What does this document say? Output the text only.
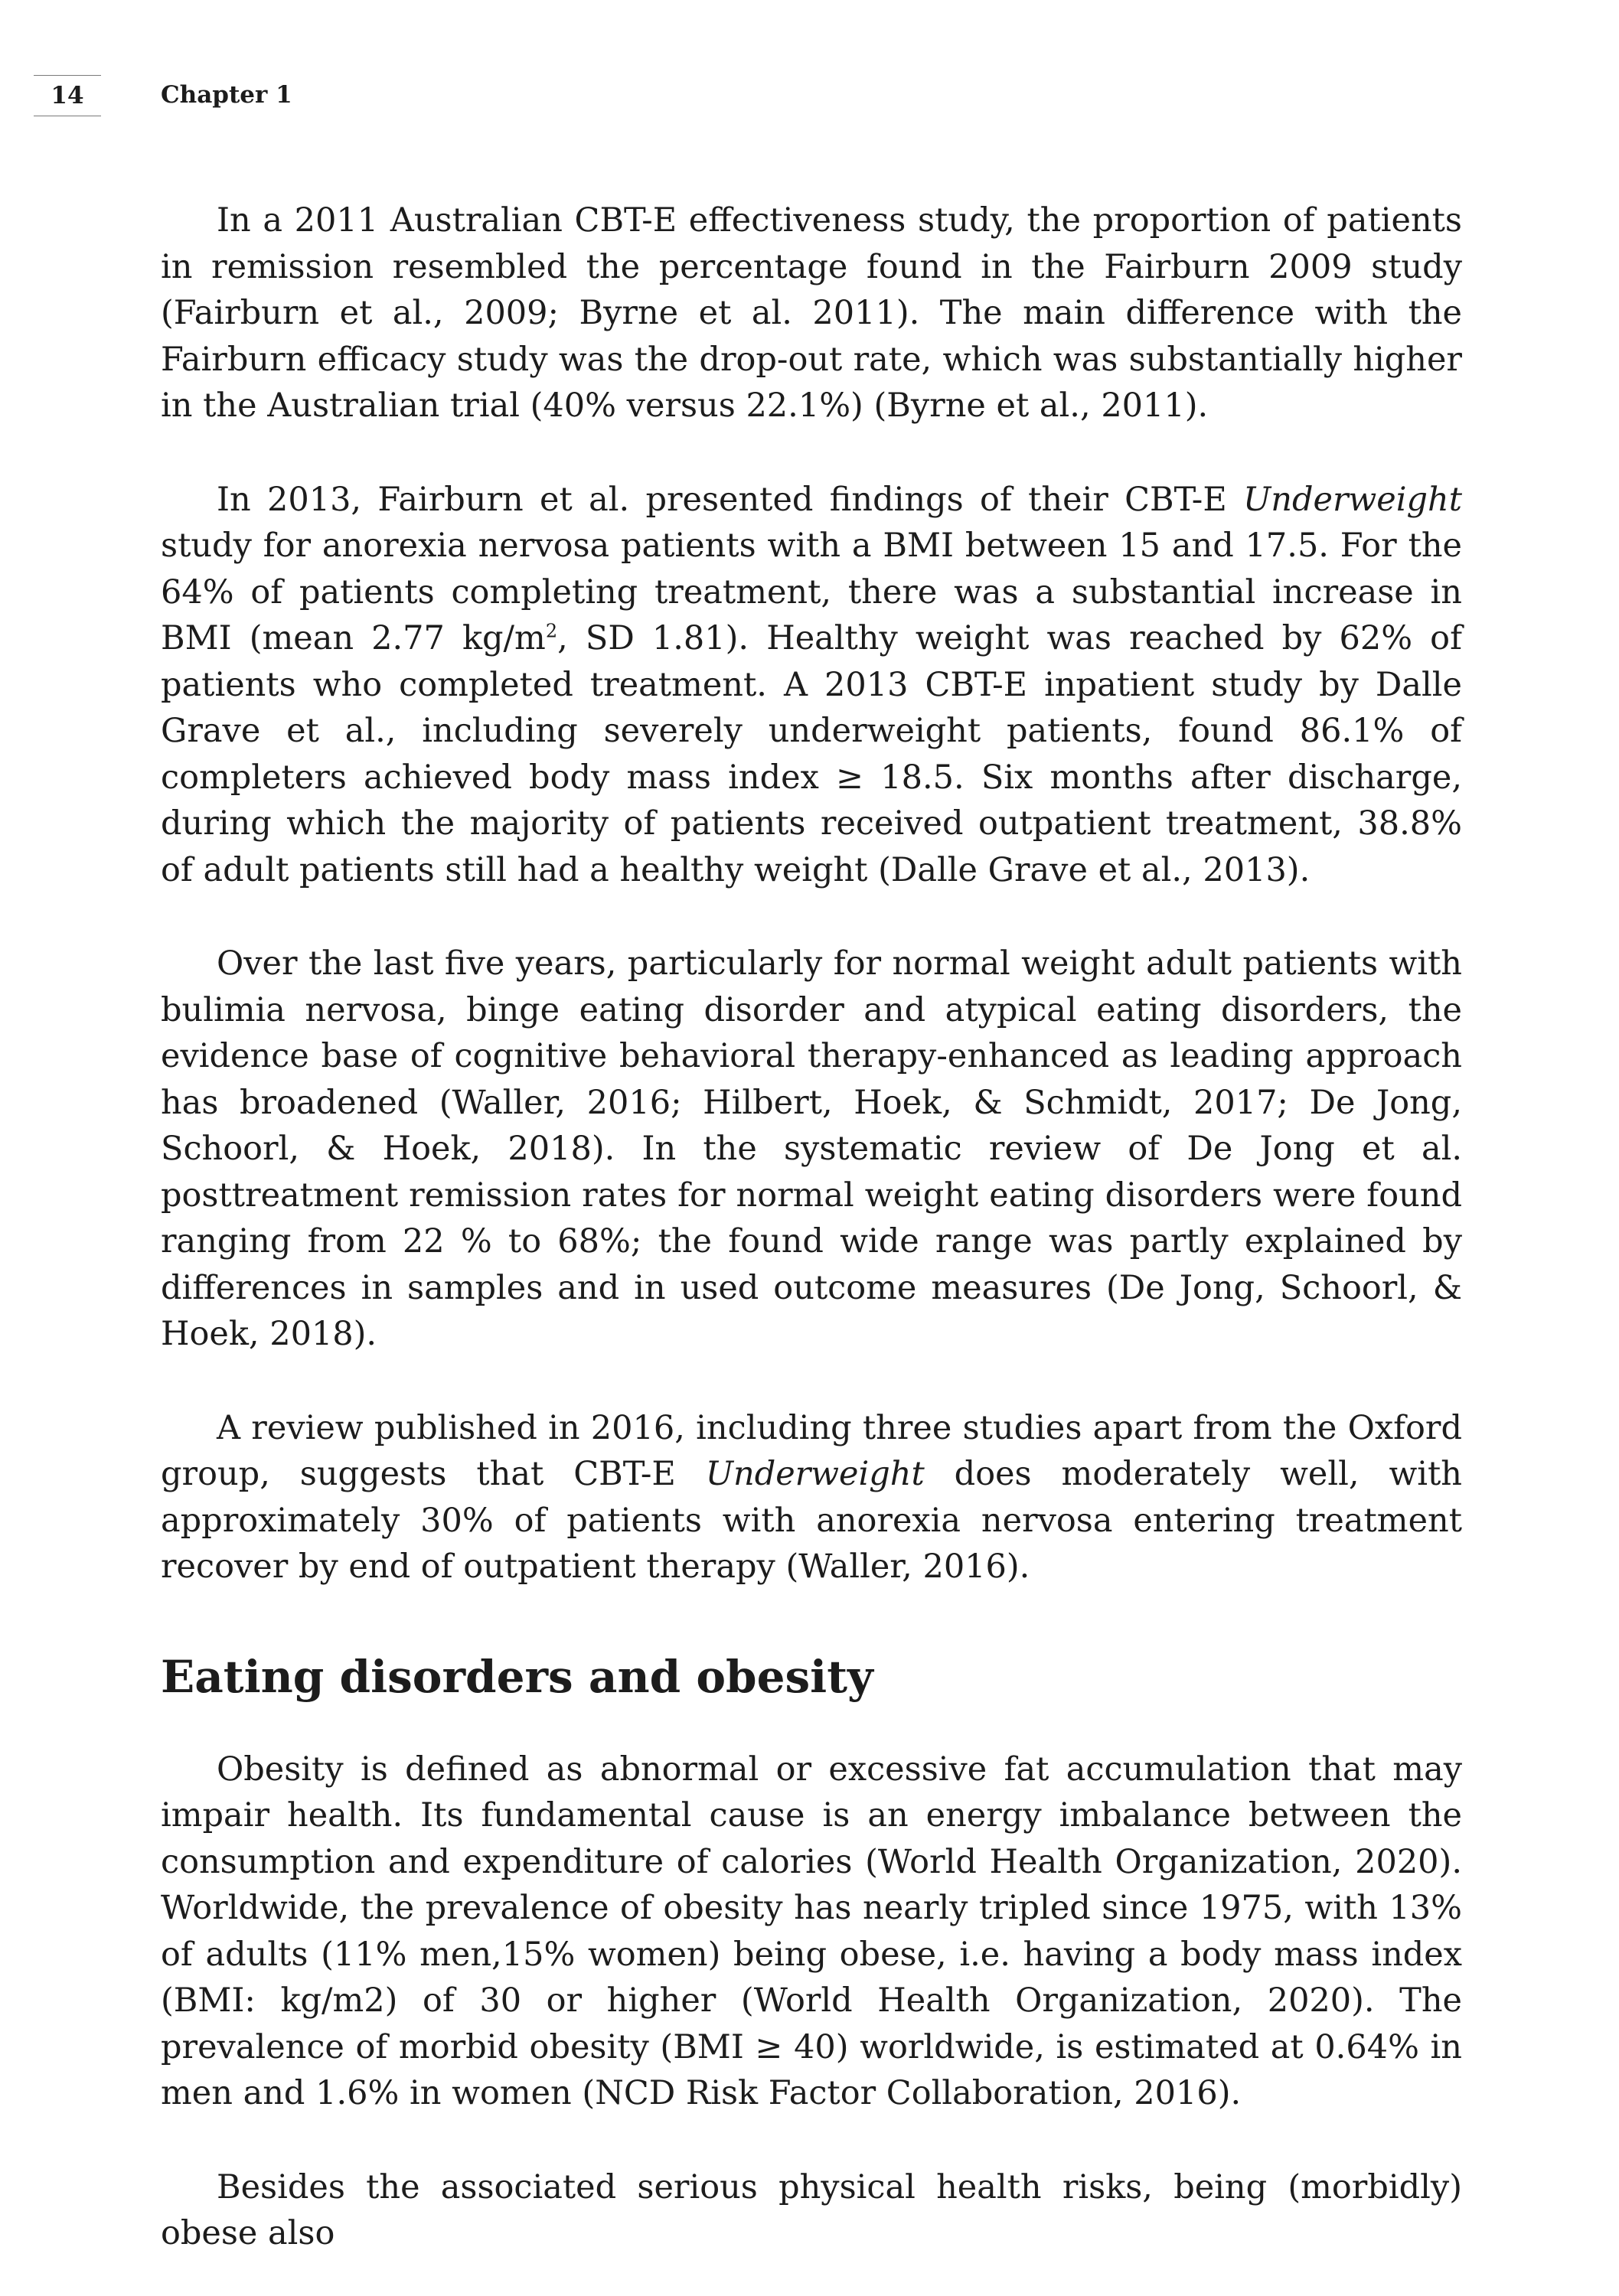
14	Chapter 1

In a 2011 Australian CBT-E effectiveness study, the proportion of patients in remission resembled the percentage found in the Fairburn 2009 study (Fairburn et al., 2009; Byrne et al. 2011). The main difference with the Fairburn efficacy study was the drop-out rate, which was substantially higher in the Australian trial (40% versus 22.1%) (Byrne et al., 2011).

In 2013, Fairburn et al. presented findings of their CBT-E Underweight study for anorexia nervosa patients with a BMI between 15 and 17.5. For the 64% of patients completing treatment, there was a substantial increase in BMI (mean 2.77 $kg/m^2$, SD 1.81). Healthy weight was reached by 62% of patients who completed treatment. A 2013 CBT-E inpatient study by Dalle Grave et al., including severely underweight patients, found 86.1% of completers achieved body mass index ≥ 18.5. Six months after discharge, during which the majority of patients received outpatient treatment, 38.8% of adult patients still had a healthy weight (Dalle Grave et al., 2013).

Over the last five years, particularly for normal weight adult patients with bulimia nervosa, binge eating disorder and atypical eating disorders, the evidence base of cognitive behavioral therapy-enhanced as leading approach has broadened (Waller, 2016; Hilbert, Hoek, & Schmidt, 2017; De Jong, Schoorl, & Hoek, 2018). In the systematic review of De Jong et al. posttreatment remission rates for normal weight eating disorders were found ranging from 22 % to 68%; the found wide range was partly explained by differences in samples and in used outcome measures (De Jong, Schoorl, & Hoek, 2018).

A review published in 2016, including three studies apart from the Oxford group, suggests that CBT-E Underweight does moderately well, with approximately 30% of patients with anorexia nervosa entering treatment recover by end of outpatient therapy (Waller, 2016).

Eating disorders and obesity

Obesity is defined as abnormal or excessive fat accumulation that may impair health. Its fundamental cause is an energy imbalance between the consumption and expenditure of calories (World Health Organization, 2020). Worldwide, the prevalence of obesity has nearly tripled since 1975, with 13% of adults (11% men,15% women) being obese, i.e. having a body mass index (BMI: kg/m2) of 30 or higher (World Health Organization, 2020). The prevalence of morbid obesity (BMI ≥ 40) worldwide, is estimated at 0.64% in men and 1.6% in women (NCD Risk Factor Collaboration, 2016).

Besides the associated serious physical health risks, being (morbidly) obese also
